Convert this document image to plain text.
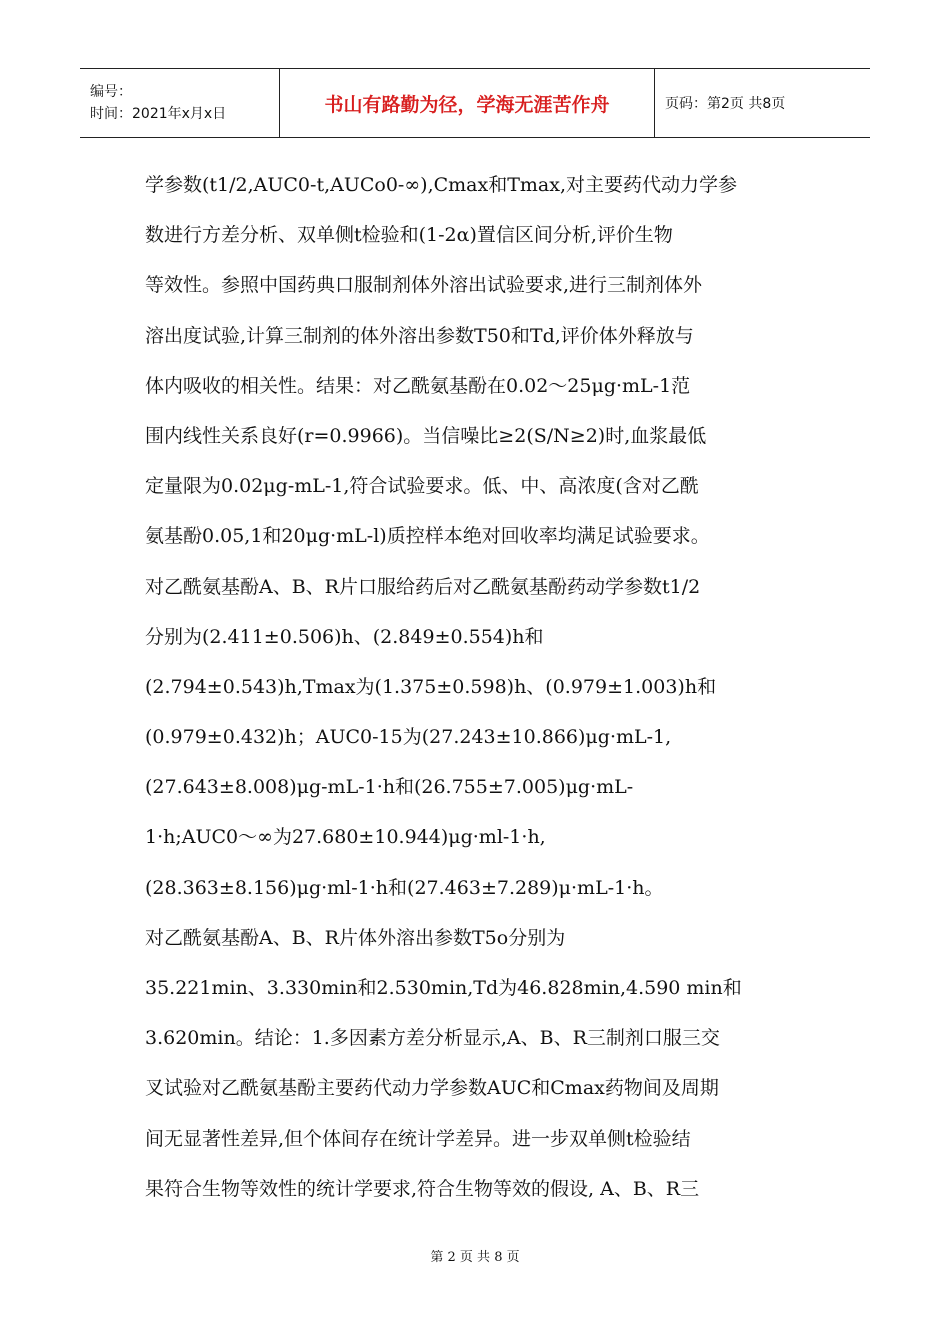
编号：
时间：2021年x月x日	书山有路勤为径，学海无涯苦作舟	页码：第2页 共8页
学参数(t1/2,AUC0-t,AUCo0-∞),Cmax和Tmax,对主要药代动力学参
数进行方差分析、双单侧t检验和(1-2α)置信区间分析,评价生物
等效性。参照中国药典口服制剂体外溶出试验要求,进行三制剂体外
溶出度试验,计算三制剂的体外溶出参数T50和Td,评价体外释放与
体内吸收的相关性。结果：对乙酰氨基酚在0.02～25μg·mL-1范
围内线性关系良好(r=0.9966)。当信噪比≥2(S/N≥2)时,血浆最低
定量限为0.02μg-mL-1,符合试验要求。低、中、高浓度(含对乙酰
氨基酚0.05,1和20μg·mL-l)质控样本绝对回收率均满足试验要求。
对乙酰氨基酚A、B、R片口服给药后对乙酰氨基酚药动学参数t1/2
分别为(2.411±0.506)h、(2.849±0.554)h和
(2.794±0.543)h,Tmax为(1.375±0.598)h、(0.979±1.003)h和
(0.979±0.432)h；AUC0-15为(27.243±10.866)μg·mL-1,
(27.643±8.008)μg-mL-1·h和(26.755±7.005)μg·mL-
1·h;AUC0～∞为27.680±10.944)μg·ml-1·h,
(28.363±8.156)μg·ml-1·h和(27.463±7.289)μ·mL-1·h。
对乙酰氨基酚A、B、R片体外溶出参数T5o分别为
35.221min、3.330min和2.530min,Td为46.828min,4.590 min和
3.620min。结论：1.多因素方差分析显示,A、B、R三制剂口服三交
叉试验对乙酰氨基酚主要药代动力学参数AUC和Cmax药物间及周期
间无显著性差异,但个体间存在统计学差异。进一步双单侧t检验结
果符合生物等效性的统计学要求,符合生物等效的假设, A、B、R三
第 2 页 共 8 页
